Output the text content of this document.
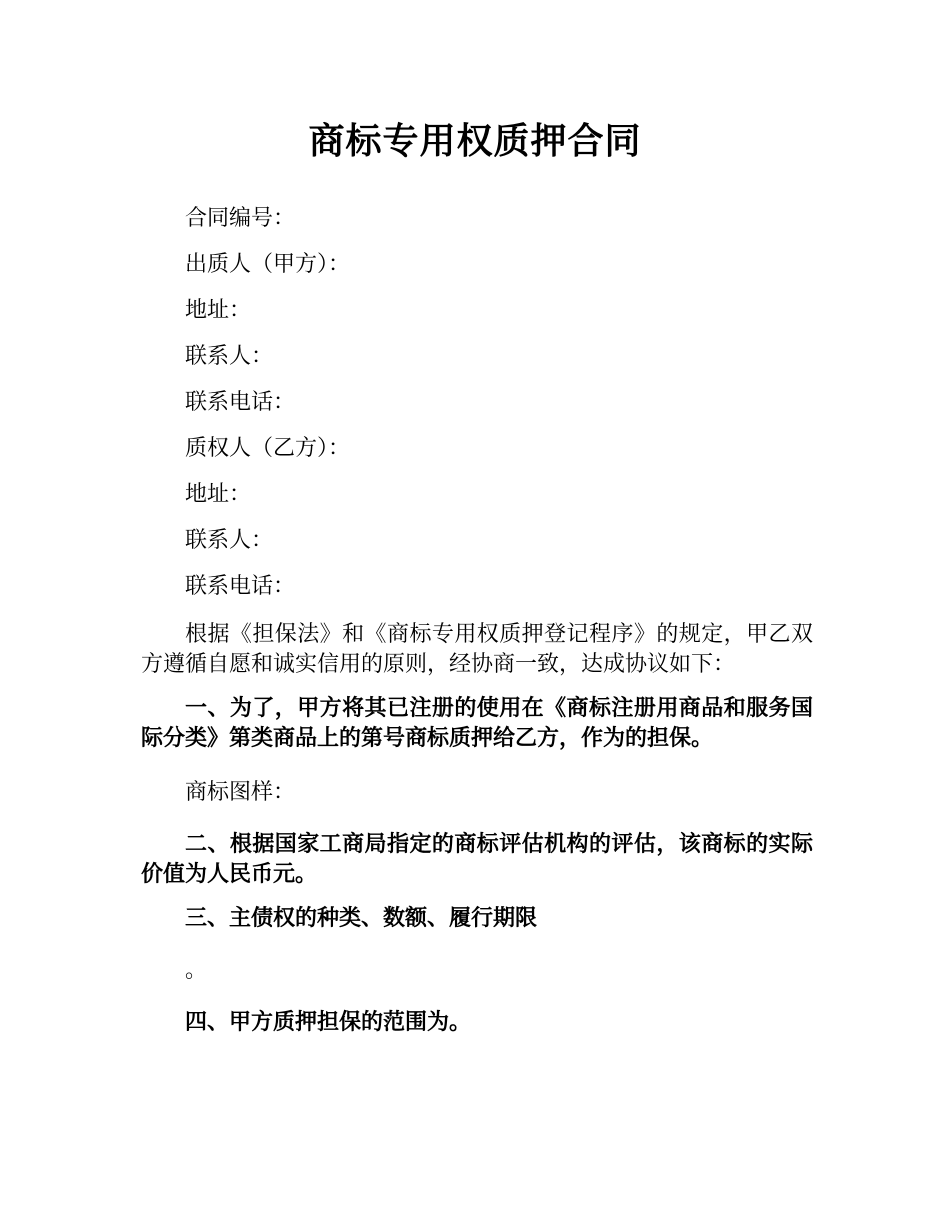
商标专用权质押合同

合同编号：

出质人（甲方）：

地址：

联系人：

联系电话：

质权人（乙方）：

地址：

联系人：

联系电话：

根据《担保法》和《商标专用权质押登记程序》的规定，甲乙双方遵循自愿和诚实信用的原则，经协商一致，达成协议如下：

一、为了，甲方将其已注册的使用在《商标注册用商品和服务国际分类》第类商品上的第号商标质押给乙方，作为的担保。

商标图样：

二、根据国家工商局指定的商标评估机构的评估，该商标的实际价值为人民币元。

三、主债权的种类、数额、履行期限

。

四、甲方质押担保的范围为。
